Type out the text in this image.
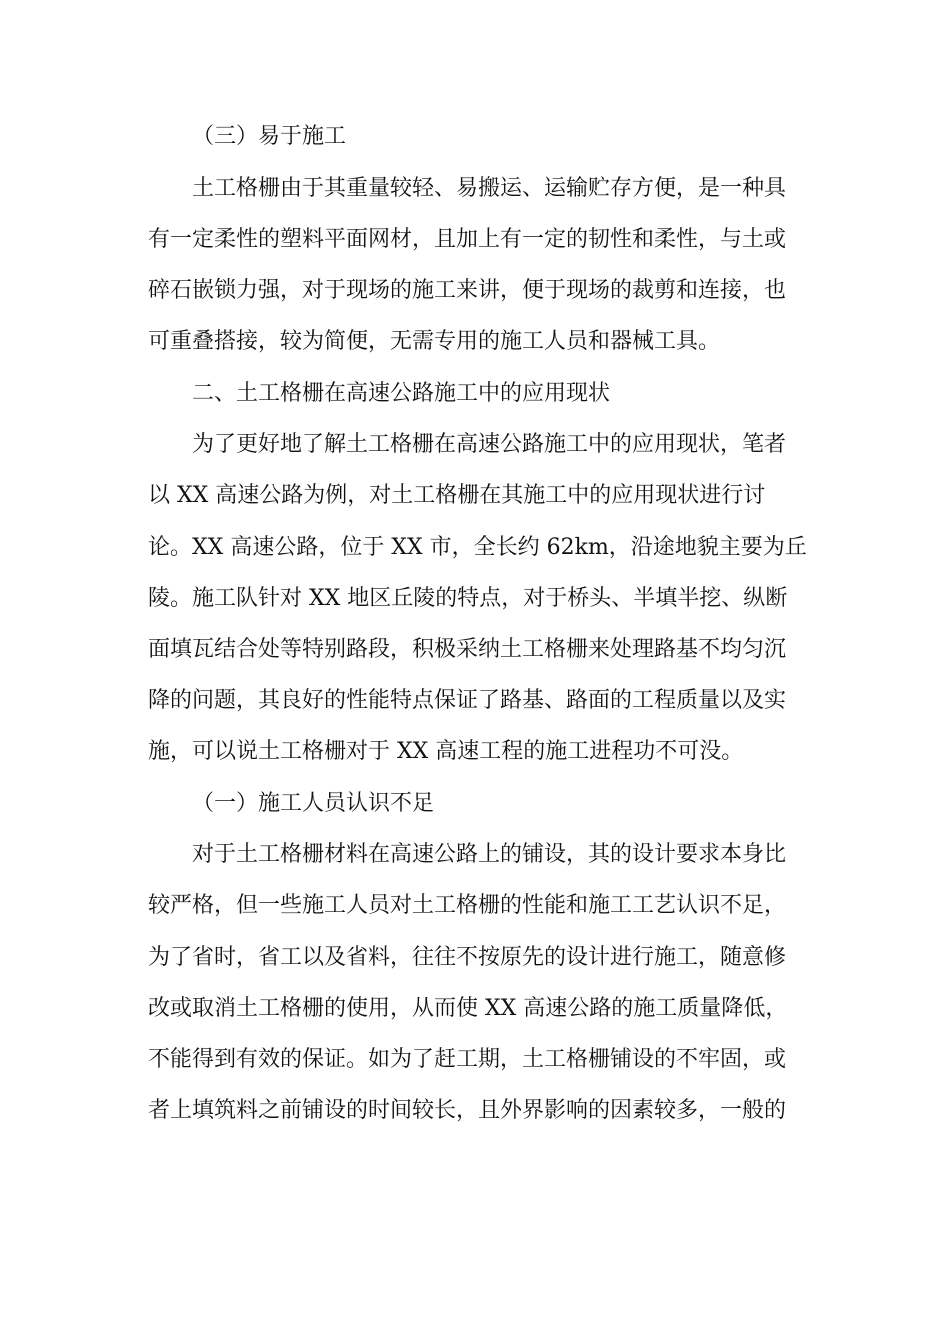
（三）易于施工
土工格栅由于其重量较轻、易搬运、运输贮存方便，是一种具
有一定柔性的塑料平面网材，且加上有一定的韧性和柔性，与土或
碎石嵌锁力强，对于现场的施工来讲，便于现场的裁剪和连接，也
可重叠搭接，较为简便，无需专用的施工人员和器械工具。
二、土工格栅在高速公路施工中的应用现状
为了更好地了解土工格栅在高速公路施工中的应用现状，笔者
以 XX 高速公路为例，对土工格栅在其施工中的应用现状进行讨
论。XX 高速公路，位于 XX 市，全长约 62km，沿途地貌主要为丘
陵。施工队针对 XX 地区丘陵的特点，对于桥头、半填半挖、纵断
面填瓦结合处等特别路段，积极采纳土工格栅来处理路基不均匀沉
降的问题，其良好的性能特点保证了路基、路面的工程质量以及实
施，可以说土工格栅对于 XX 高速工程的施工进程功不可没。
（一）施工人员认识不足
对于土工格栅材料在高速公路上的铺设，其的设计要求本身比
较严格，但一些施工人员对土工格栅的性能和施工工艺认识不足，
为了省时，省工以及省料，往往不按原先的设计进行施工，随意修
改或取消土工格栅的使用，从而使 XX 高速公路的施工质量降低，
不能得到有效的保证。如为了赶工期，土工格栅铺设的不牢固，或
者上填筑料之前铺设的时间较长，且外界影响的因素较多，一般的
